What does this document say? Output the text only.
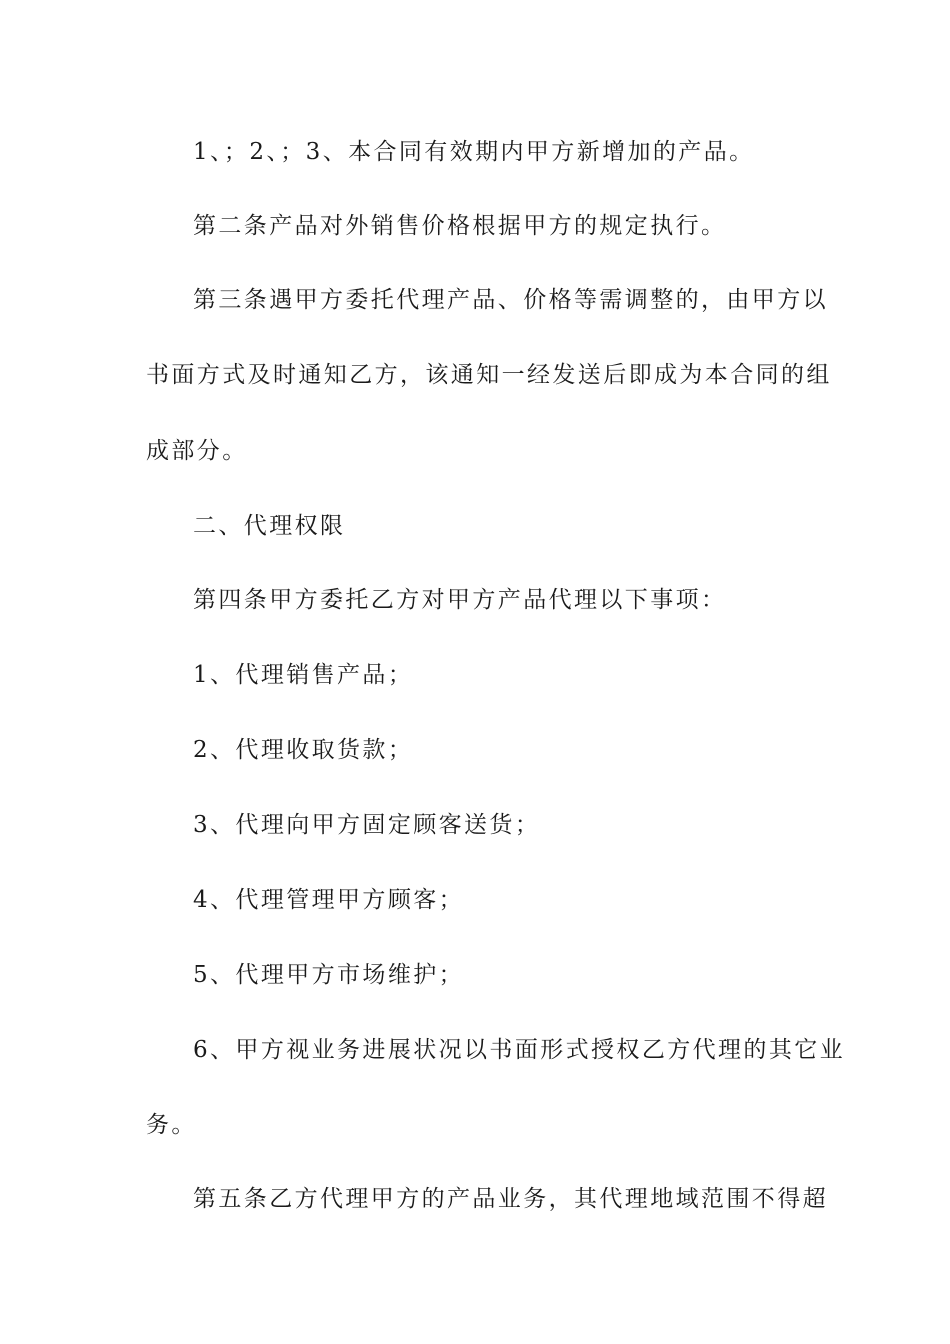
1、；2、；3、本合同有效期内甲方新增加的产品。
第二条产品对外销售价格根据甲方的规定执行。
第三条遇甲方委托代理产品、价格等需调整的，由甲方以
书面方式及时通知乙方，该通知一经发送后即成为本合同的组
成部分。
二、代理权限
第四条甲方委托乙方对甲方产品代理以下事项：
1、代理销售产品；
2、代理收取货款；
3、代理向甲方固定顾客送货；
4、代理管理甲方顾客；
5、代理甲方市场维护；
6、甲方视业务进展状况以书面形式授权乙方代理的其它业
务。
第五条乙方代理甲方的产品业务，其代理地域范围不得超
